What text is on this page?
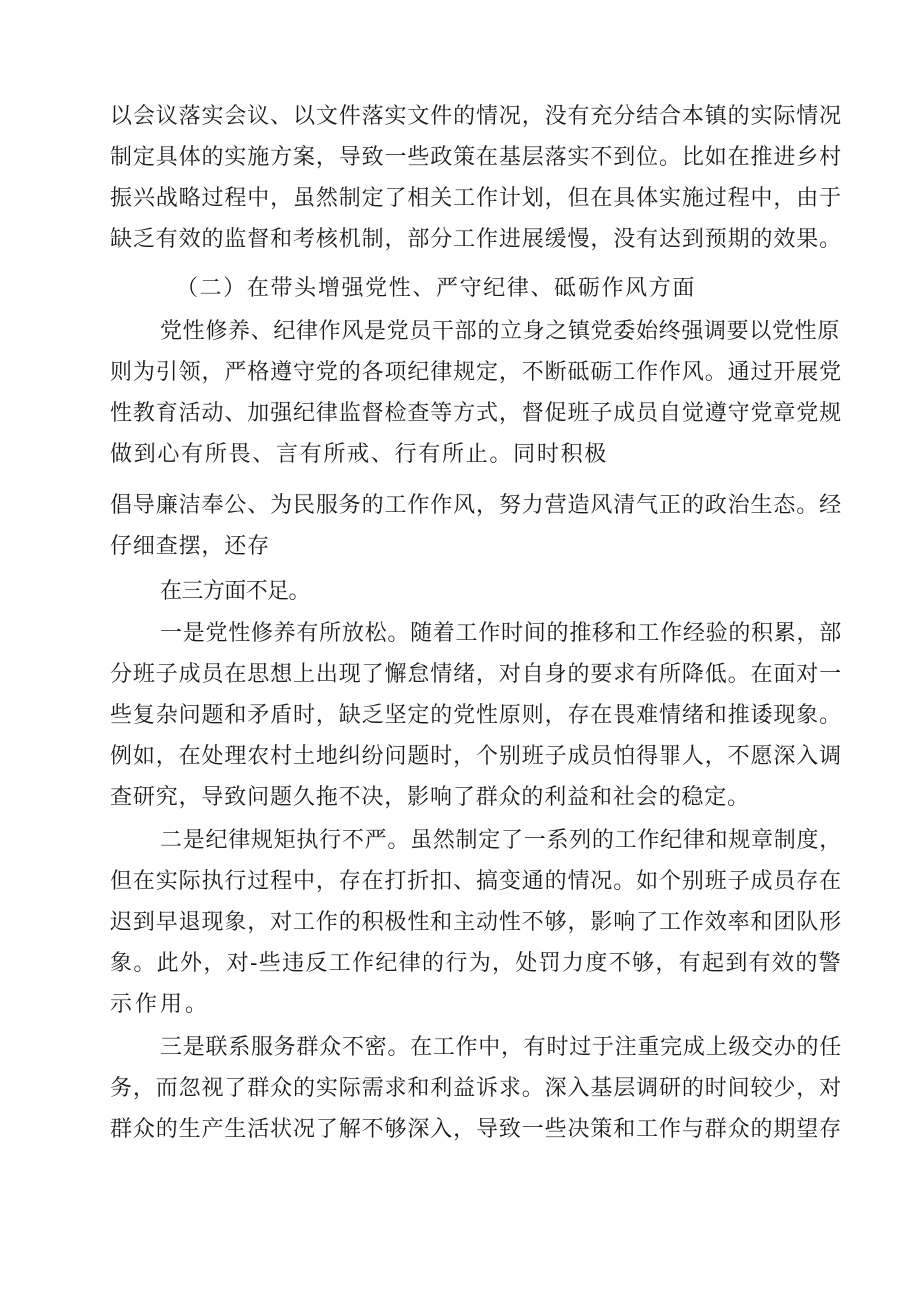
以会议落实会议、以文件落实文件的情况，没有充分结合本镇的实际情况
制定具体的实施方案，导致一些政策在基层落实不到位。比如在推进乡村
振兴战略过程中，虽然制定了相关工作计划，但在具体实施过程中，由于
缺乏有效的监督和考核机制，部分工作进展缓慢，没有达到预期的效果。
（二）在带头增强党性、严守纪律、砥砺作风方面
党性修养、纪律作风是党员干部的立身之镇党委始终强调要以党性原
则为引领，严格遵守党的各项纪律规定，不断砥砺工作作风。通过开展党
性教育活动、加强纪律监督检查等方式，督促班子成员自觉遵守党章党规
做到心有所畏、言有所戒、行有所止。同时积极
倡导廉洁奉公、为民服务的工作作风，努力营造风清气正的政治生态。经
仔细查摆，还存
在三方面不足。
一是党性修养有所放松。随着工作时间的推移和工作经验的积累，部
分班子成员在思想上出现了懈怠情绪，对自身的要求有所降低。在面对一
些复杂问题和矛盾时，缺乏坚定的党性原则，存在畏难情绪和推诿现象。
例如，在处理农村土地纠纷问题时，个别班子成员怕得罪人，不愿深入调
查研究，导致问题久拖不决，影响了群众的利益和社会的稳定。
二是纪律规矩执行不严。虽然制定了一系列的工作纪律和规章制度，
但在实际执行过程中，存在打折扣、搞变通的情况。如个别班子成员存在
迟到早退现象，对工作的积极性和主动性不够，影响了工作效率和团队形
象。此外，对-些违反工作纪律的行为，处罚力度不够，有起到有效的警
示作用。
三是联系服务群众不密。在工作中，有时过于注重完成上级交办的任
务，而忽视了群众的实际需求和利益诉求。深入基层调研的时间较少，对
群众的生产生活状况了解不够深入，导致一些决策和工作与群众的期望存
